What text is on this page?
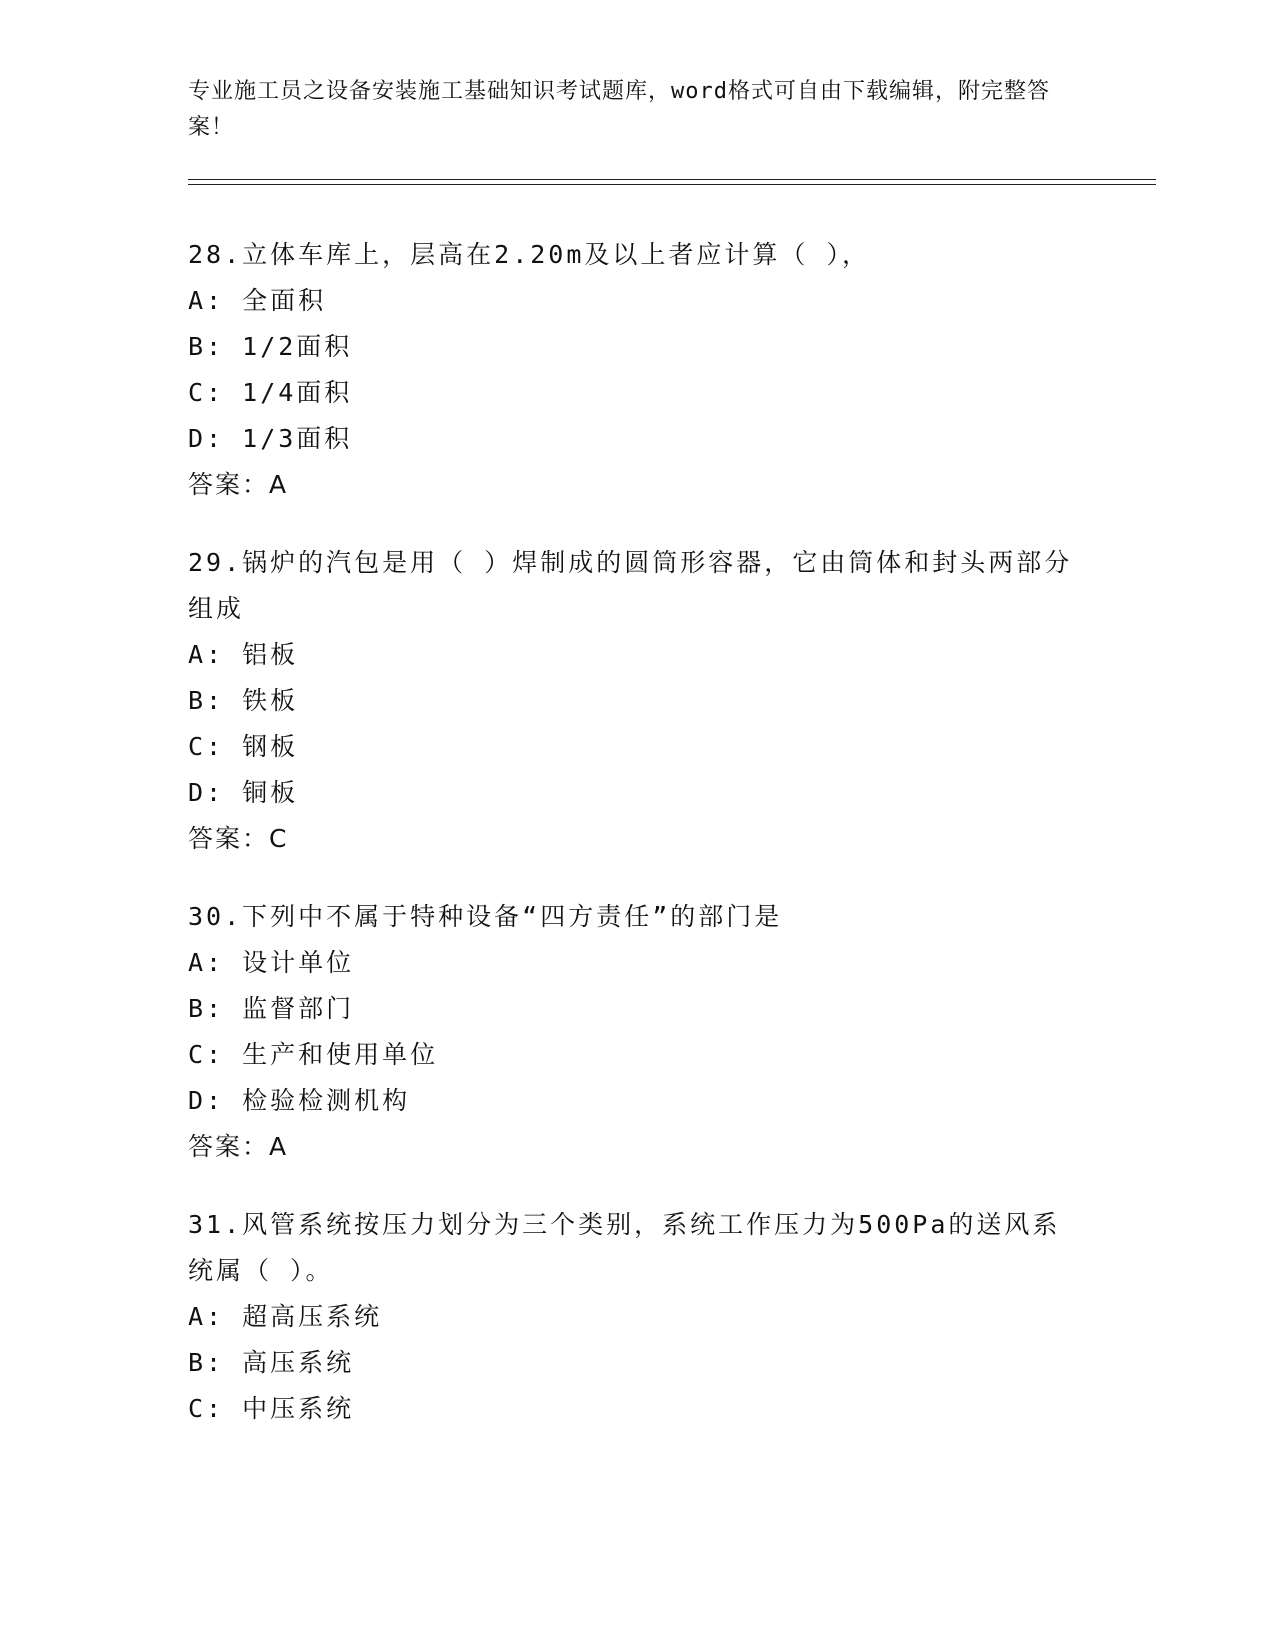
专业施工员之设备安装施工基础知识考试题库，word格式可自由下载编辑，附完整答案！
28.立体车库上，层高在2.20m及以上者应计算（ ），
A: 全面积
B: 1/2面积
C: 1/4面积
D: 1/3面积
答案：A
29.锅炉的汽包是用（ ）焊制成的圆筒形容器，它由筒体和封头两部分组成
A: 铝板
B: 铁板
C: 钢板
D: 铜板
答案：C
30.下列中不属于特种设备“四方责任”的部门是
A: 设计单位
B: 监督部门
C: 生产和使用单位
D: 检验检测机构
答案：A
31.风管系统按压力划分为三个类别，系统工作压力为500Pa的送风系统属（ ）。
A: 超高压系统
B: 高压系统
C: 中压系统
